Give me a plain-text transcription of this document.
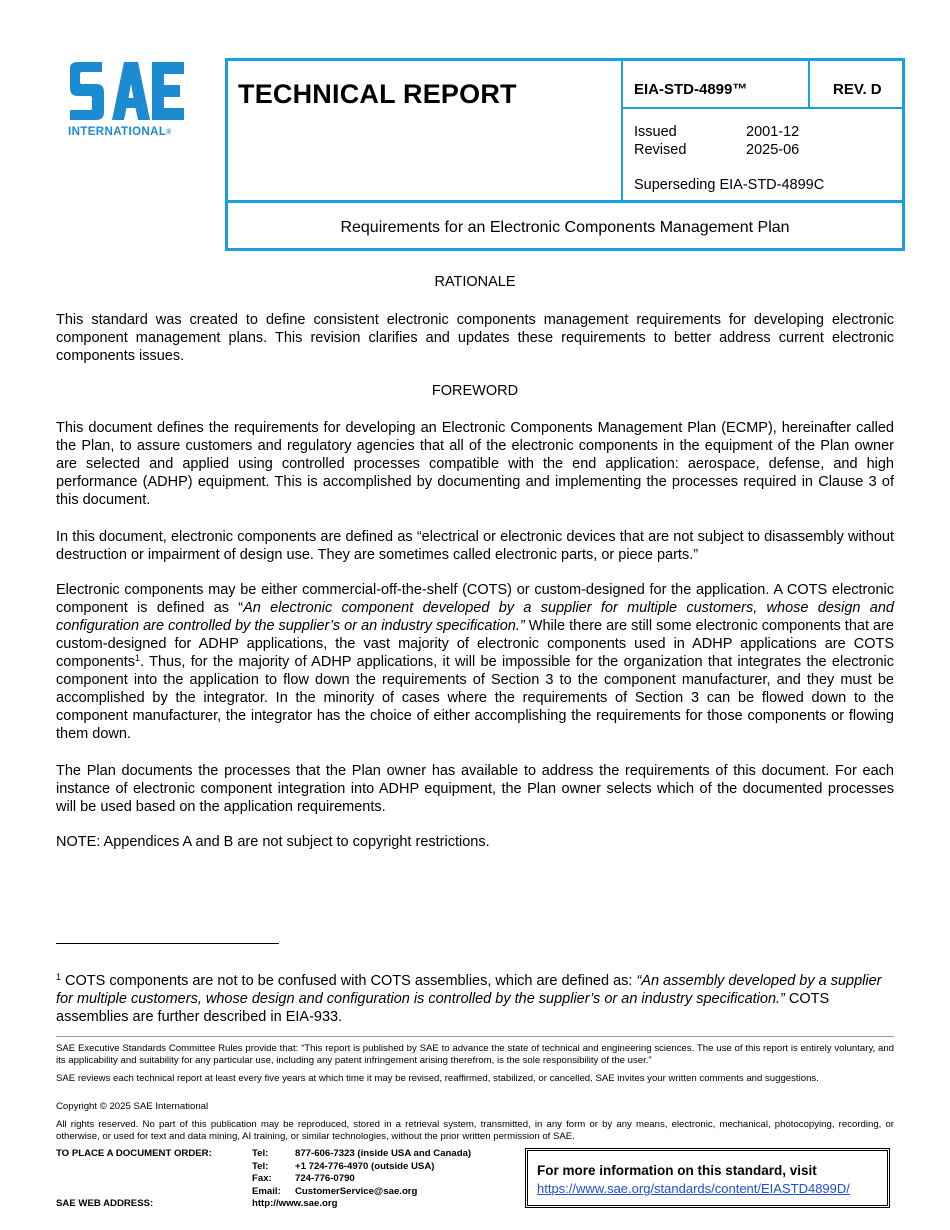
INTERNATIONAL®
TECHNICAL REPORT	EIA-STD-4899™	REV. D
Issued	2001-12
Revised	2025-06
Superseding EIA-STD-4899C
Requirements for an Electronic Components Management Plan
RATIONALE

This standard was created to define consistent electronic components management requirements for developing electronic component management plans. This revision clarifies and updates these requirements to better address current electronic components issues.

FOREWORD

This document defines the requirements for developing an Electronic Components Management Plan (ECMP), hereinafter called the Plan, to assure customers and regulatory agencies that all of the electronic components in the equipment of the Plan owner are selected and applied using controlled processes compatible with the end application: aerospace, defense, and high performance (ADHP) equipment. This is accomplished by documenting and implementing the processes required in Clause 3 of this document.

In this document, electronic components are defined as “electrical or electronic devices that are not subject to disassembly without destruction or impairment of design use. They are sometimes called electronic parts, or piece parts.”

Electronic components may be either commercial-off-the-shelf (COTS) or custom-designed for the application. A COTS electronic component is defined as “An electronic component developed by a supplier for multiple customers, whose design and configuration are controlled by the supplier’s or an industry specification.” While there are still some electronic components that are custom-designed for ADHP applications, the vast majority of electronic components used in ADHP applications are COTS components$^1$. Thus, for the majority of ADHP applications, it will be impossible for the organization that integrates the electronic component into the application to flow down the requirements of Section 3 to the component manufacturer, and they must be accomplished by the integrator. In the minority of cases where the requirements of Section 3 can be flowed down to the component manufacturer, the integrator has the choice of either accomplishing the requirements for those components or flowing them down.

The Plan documents the processes that the Plan owner has available to address the requirements of this document. For each instance of electronic component integration into ADHP equipment, the Plan owner selects which of the documented processes will be used based on the application requirements.

NOTE: Appendices A and B are not subject to copyright restrictions.

$^1$ COTS components are not to be confused with COTS assemblies, which are defined as: “An assembly developed by a supplier for multiple customers, whose design and configuration is controlled by the supplier’s or an industry specification.” COTS assemblies are further described in EIA-933.
SAE Executive Standards Committee Rules provide that: “This report is published by SAE to advance the state of technical and engineering sciences. The use of this report is entirely voluntary, and its applicability and suitability for any particular use, including any patent infringement arising therefrom, is the sole responsibility of the user.”
SAE reviews each technical report at least every five years at which time it may be revised, reaffirmed, stabilized, or cancelled. SAE invites your written comments and suggestions.
Copyright © 2025 SAE International
All rights reserved. No part of this publication may be reproduced, stored in a retrieval system, transmitted, in any form or by any means, electronic, mechanical, photocopying, recording, or otherwise, or used for text and data mining, AI training, or similar technologies, without the prior written permission of SAE.
TO PLACE A DOCUMENT ORDER:	Tel:	877-606-7323 (inside USA and Canada)
Tel:	+1 724-776-4970 (outside USA)
Fax: 724-776-0790
Email: CustomerService@sae.org
SAE WEB ADDRESS:	http://www.sae.org
For more information on this standard, visit
https://www.sae.org/standards/content/EIASTD4899D/
